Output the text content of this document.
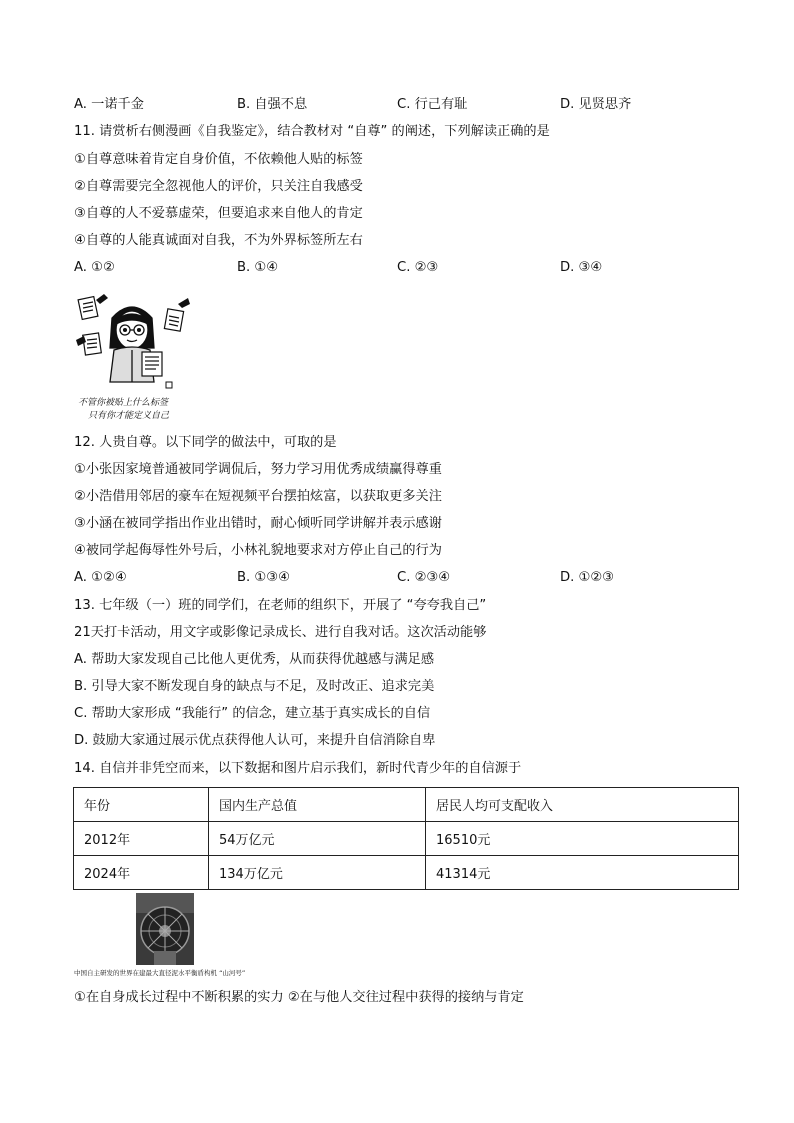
A. 一诺千金	B. 自强不息	C. 行己有耻	D. 见贤思齐
11. 请赏析右侧漫画《自我鉴定》，结合教材对 “自尊” 的阐述，下列解读正确的是
①自尊意味着肯定自身价值，不依赖他人贴的标签
②自尊需要完全忽视他人的评价，只关注自我感受
③自尊的人不爱慕虚荣，但要追求来自他人的肯定
④自尊的人能真诚面对自我，不为外界标签所左右
A. ①②	B. ①④	C. ②③	D. ③④
不管你被贴上什么标签
只有你才能定义自己
12. 人贵自尊。以下同学的做法中，可取的是
①小张因家境普通被同学调侃后，努力学习用优秀成绩赢得尊重
②小浩借用邻居的豪车在短视频平台摆拍炫富，以获取更多关注
③小涵在被同学指出作业出错时，耐心倾听同学讲解并表示感谢
④被同学起侮辱性外号后，小林礼貌地要求对方停止自己的行为
A. ①②④	B. ①③④	C. ②③④	D. ①②③
13. 七年级（一）班的同学们，在老师的组织下，开展了 “夸夸我自己”
21天打卡活动，用文字或影像记录成长、进行自我对话。这次活动能够
A. 帮助大家发现自己比他人更优秀，从而获得优越感与满足感
B. 引导大家不断发现自身的缺点与不足，及时改正、追求完美
C. 帮助大家形成 “我能行” 的信念，建立基于真实成长的自信
D. 鼓励大家通过展示优点获得他人认可，来提升自信消除自卑
14. 自信并非凭空而来，以下数据和图片启示我们，新时代青少年的自信源于
年份	国内生产总值	居民人均可支配收入
2012年	54万亿元	16510元
2024年	134万亿元	41314元
中国自主研发的世界在建最大直径泥水平衡盾构机 “山河号”
①在自身成长过程中不断积累的实力 ②在与他人交往过程中获得的接纳与肯定
